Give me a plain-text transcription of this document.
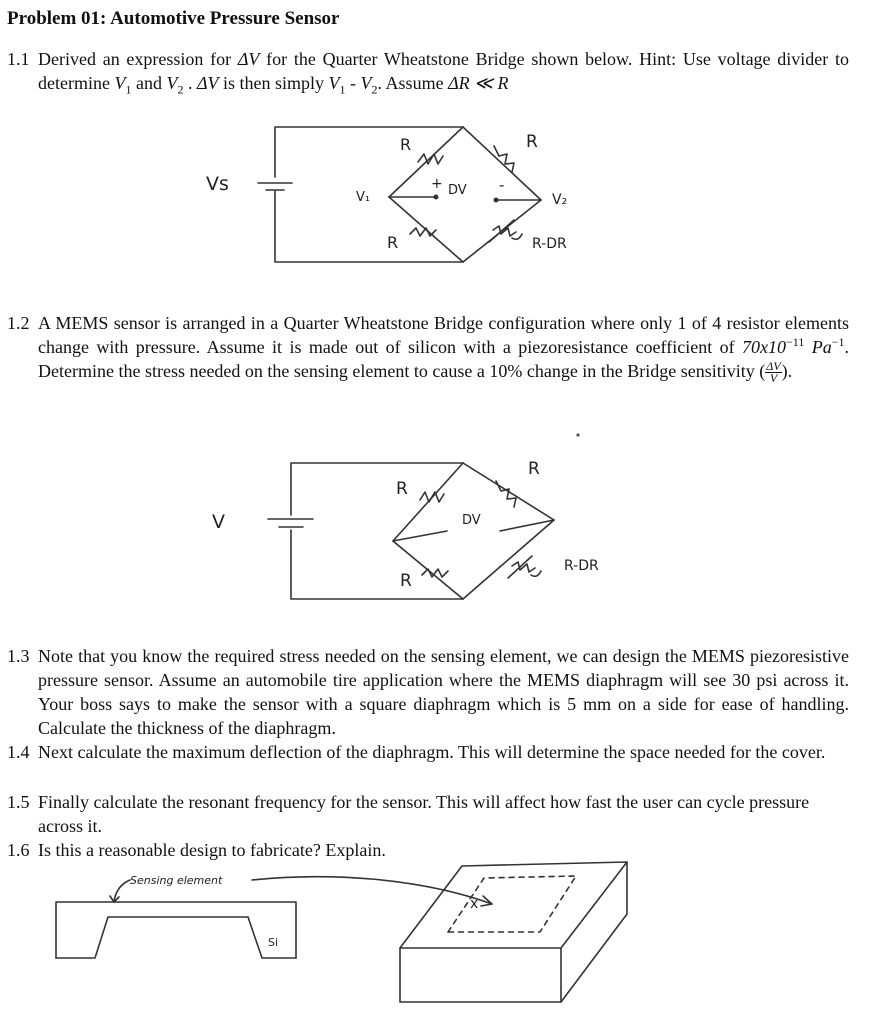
Problem 01: Automotive Pressure Sensor
1.1 Derived an expression for ΔV for the Quarter Wheatstone Bridge shown below. Hint: Use voltage divider to determine $V_1$ and $V_2$ . ΔV is then simply $V_1 - V_2$. Assume ΔR ≪ R
Vs
R	R
V₁
+ DV -
V₂
R	R-DR
1.2 A MEMS sensor is arranged in a Quarter Wheatstone Bridge configuration where only 1 of 4 resistor elements change with pressure. Assume it is made out of silicon with a piezoresistance coefficient of $70x10^{-11}$ $Pa^{-1}$. Determine the stress needed on the sensing element to cause a 10% change in the Bridge sensitivity ( $\frac{\Delta V}{V}$ ).
V
R
R
DV
R
R-DR
1.3 Note that you know the required stress needed on the sensing element, we can design the MEMS piezoresistive pressure sensor. Assume an automobile tire application where the MEMS diaphragm will see 30 psi across it. Your boss says to make the sensor with a square diaphragm which is 5 mm on a side for ease of handling. Calculate the thickness of the diaphragm.
1.4 Next calculate the maximum deflection of the diaphragm. This will determine the space needed for the cover.
1.5 Finally calculate the resonant frequency for the sensor. This will affect how fast the user can cycle pressure across it.
1.6 Is this a reasonable design to fabricate? Explain.
Sensing element
Si
x
